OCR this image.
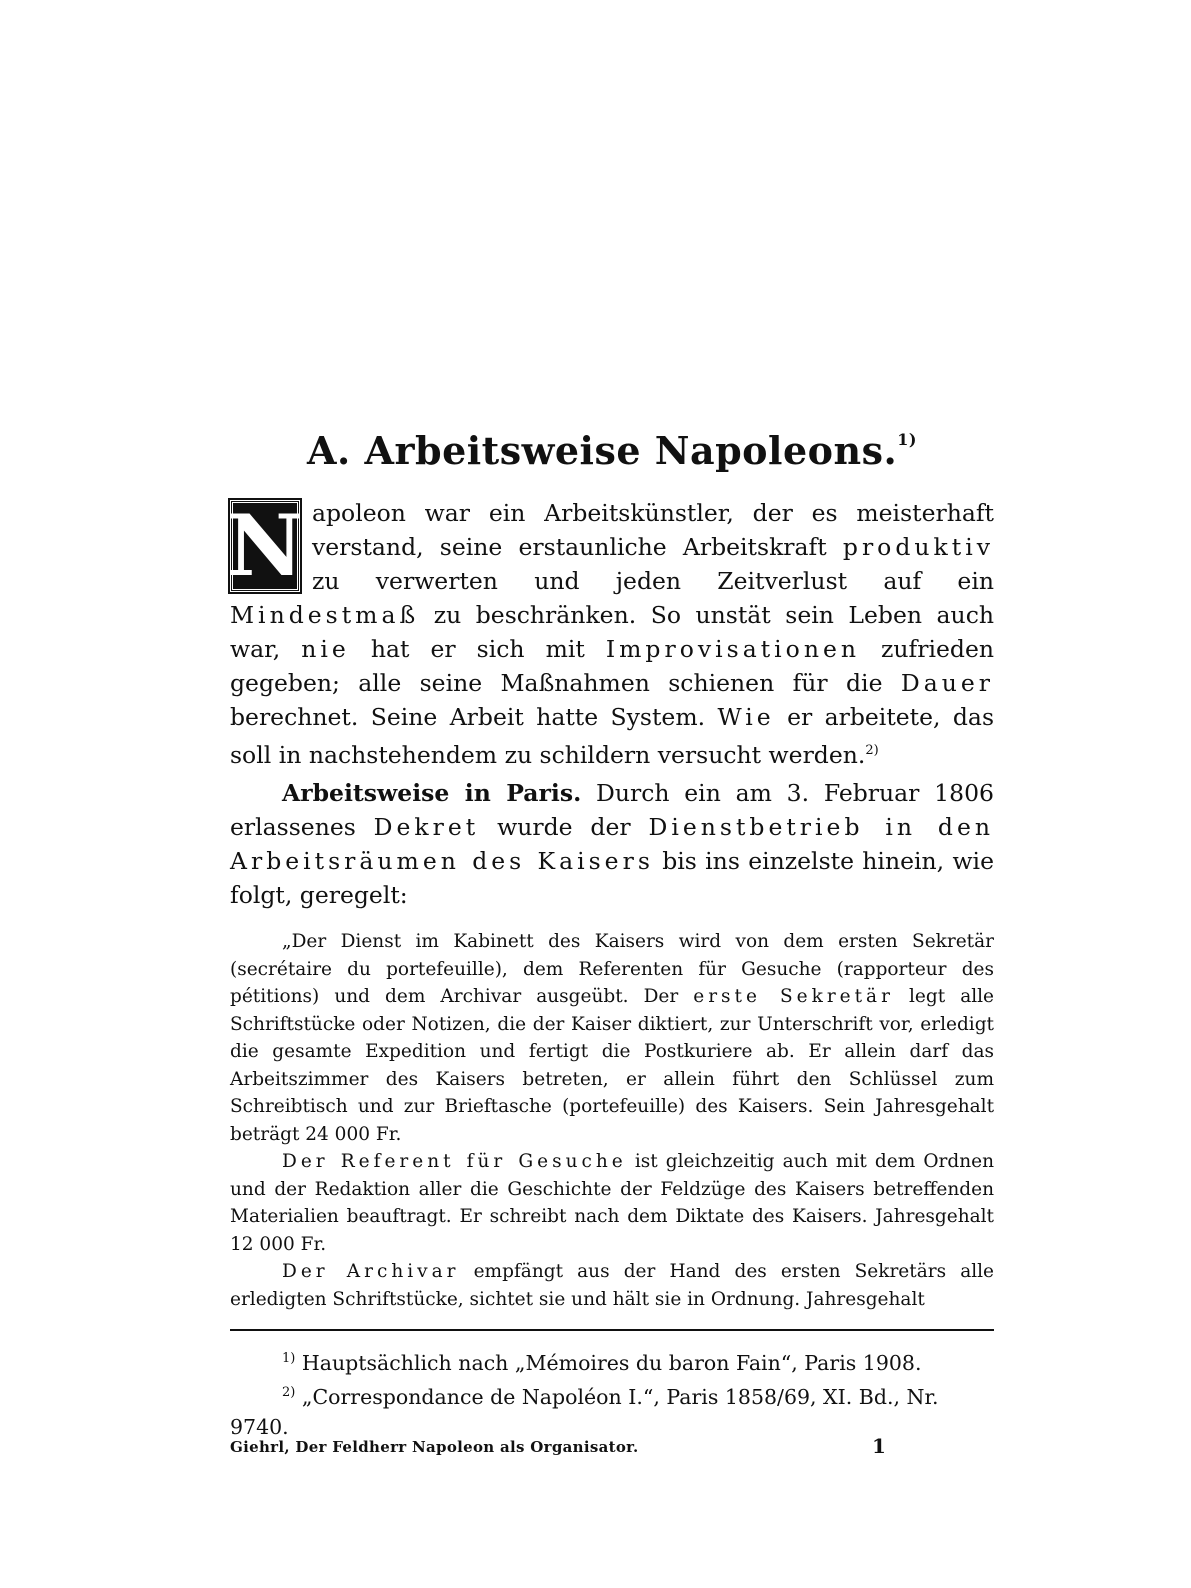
A. Arbeitsweise Napoleons.$^{1)}$
N apoleon war ein Arbeitskünstler, der es meisterhaft verstand, seine erstaunliche Arbeitskraft produktiv zu verwerten und jeden Zeitverlust auf ein Mindestmaß zu beschränken. So unstät sein Leben auch war, nie hat er sich mit Improvisationen zufrieden gegeben; alle seine Maßnahmen schienen für die Dauer berechnet. Seine Arbeit hatte System. Wie er arbeitete, das soll in nachstehendem zu schildern versucht werden.$^{2)}$
Arbeitsweise in Paris. Durch ein am 3. Februar 1806 erlassenes Dekret wurde der Dienstbetrieb in den Arbeitsräumen des Kaisers bis ins einzelste hinein, wie folgt, geregelt:

„Der Dienst im Kabinett des Kaisers wird von dem ersten Sekretär (secrétaire du portefeuille), dem Referenten für Gesuche (rapporteur des pétitions) und dem Archivar ausgeübt. Der erste Sekretär legt alle Schriftstücke oder Notizen, die der Kaiser diktiert, zur Unterschrift vor, erledigt die gesamte Expedition und fertigt die Postkuriere ab. Er allein darf das Arbeitszimmer des Kaisers betreten, er allein führt den Schlüssel zum Schreibtisch und zur Brieftasche (portefeuille) des Kaisers. Sein Jahresgehalt beträgt 24 000 Fr.

Der Referent für Gesuche ist gleichzeitig auch mit dem Ordnen und der Redaktion aller die Geschichte der Feldzüge des Kaisers betreffenden Materialien beauftragt. Er schreibt nach dem Diktate des Kaisers. Jahresgehalt 12 000 Fr.

Der Archivar empfängt aus der Hand des ersten Sekretärs alle erledigten Schriftstücke, sichtet sie und hält sie in Ordnung. Jahresgehalt

$^{1)}$ Hauptsächlich nach „Mémoires du baron Fain“, Paris 1908.

$^{2)}$ „Correspondance de Napoléon I.“, Paris 1858/69, XI. Bd., Nr. 9740.

Giehrl, Der Feldherr Napoleon als Organisator.	1
